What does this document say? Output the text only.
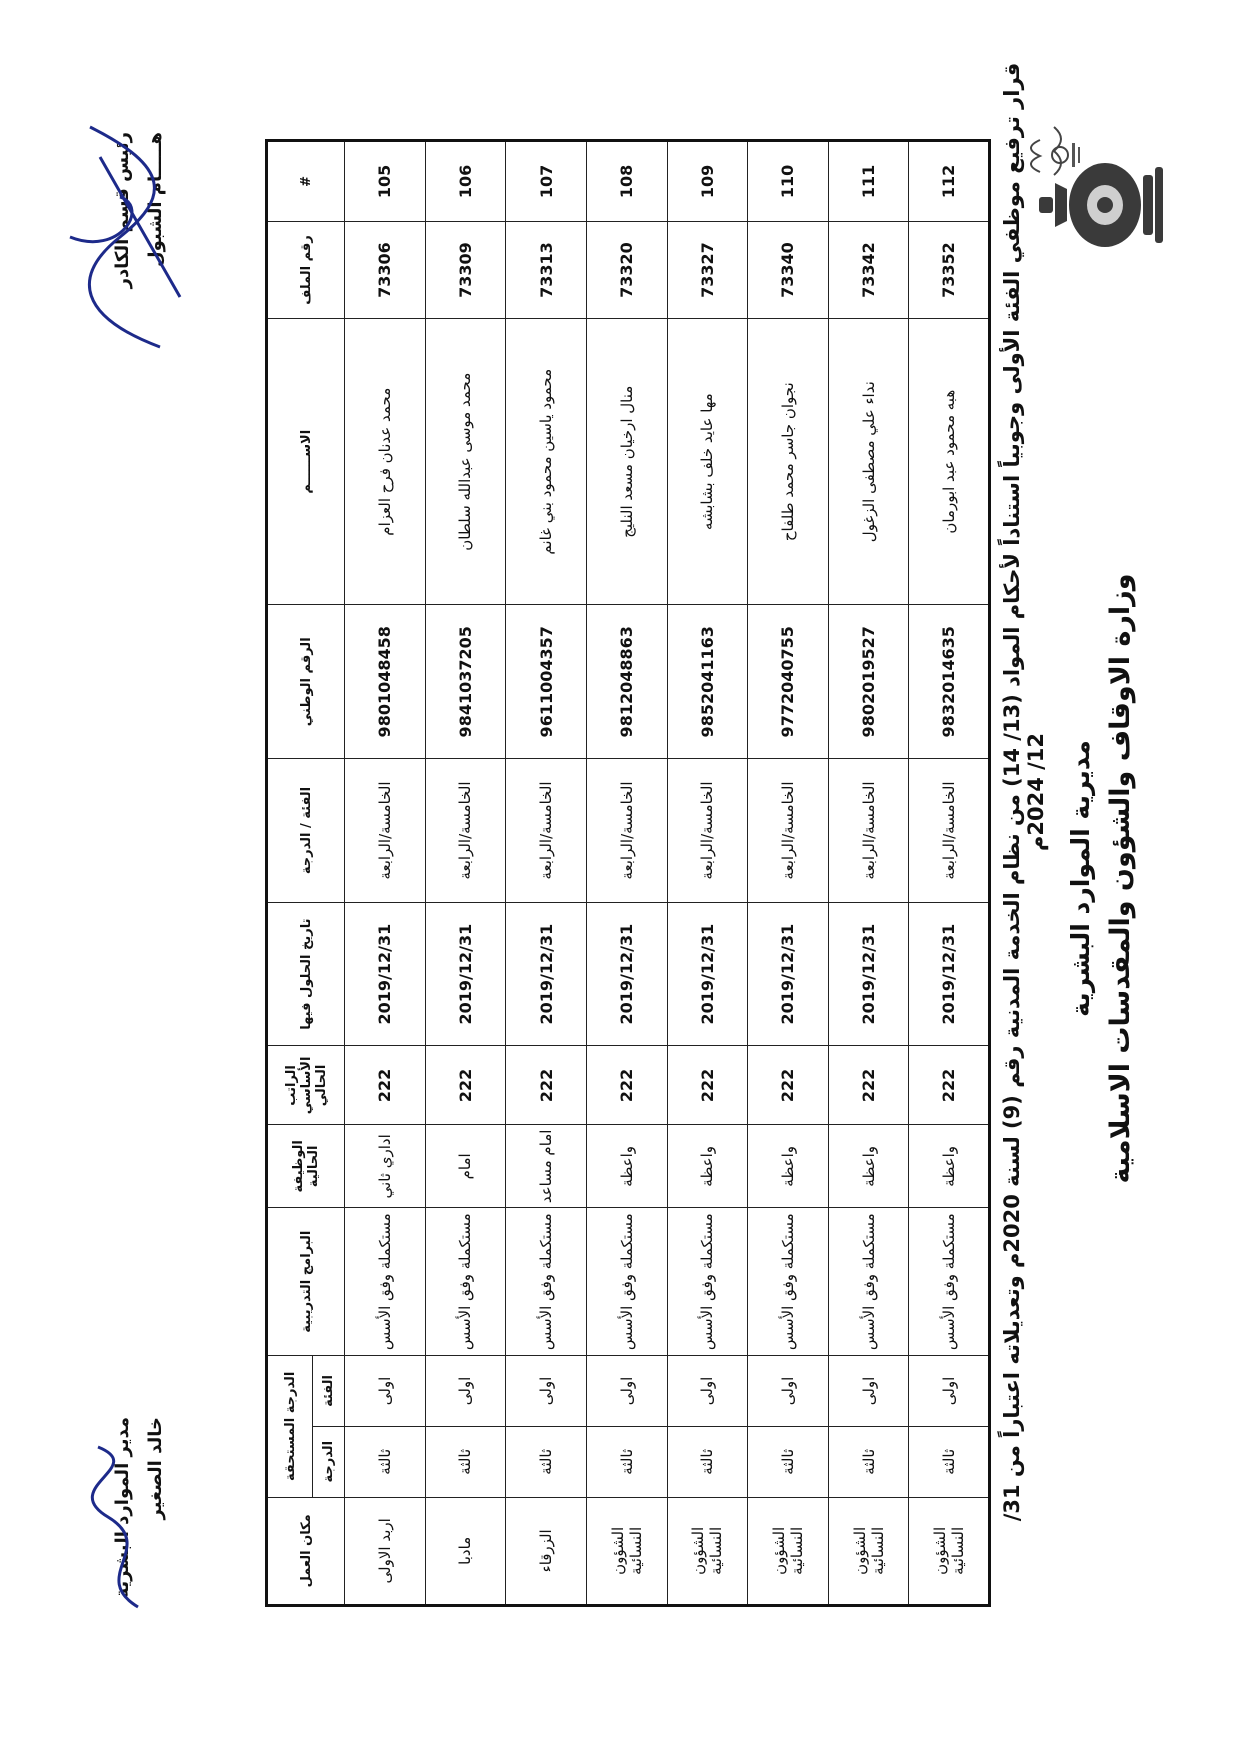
وزارة الاوقاف والشؤون والمقدسات الاسلامية
مديرية الموارد البشرية
قرار ترفيع موظفي الفئة الأولى وجوبياً استناداً لأحكام المواد (13/ 14) من نظام الخدمة المدنية رقم (9) لسنة 2020م وتعديلاته اعتباراً من 31/ 12/ 2024م
#	رقم الملف	الاســــــم	الرقم الوطني	الفئة / الدرجة	تاريخ الحلول فيها	الراتب الأساسي الحالي	الوظيفة الحالية	البرامج التدريبية	الدرجة المستحقة		مكان العمل
									الفئة	الدرجة	
105	73306	محمد عدنان فرح العزام	9801048458	الخامسة/الرابعة	2019/12/31	222	اداري ثاني	مستكملة وفق الأسس	اولى	ثالثة	اربد الاولى
106	73309	محمد موسى عبدالله سلطان	9841037205	الخامسة/الرابعة	2019/12/31	222	امام	مستكملة وفق الأسس	اولى	ثالثة	مادبا
107	73313	محمود ياسين محمود بني غانم	9611004357	الخامسة/الرابعة	2019/12/31	222	امام مساعد	مستكملة وفق الأسس	اولى	ثالثة	الزرقاء
108	73320	منال ارخيان مسعد النليج	9812048863	الخامسة/الرابعة	2019/12/31	222	واعظة	مستكملة وفق الأسس	اولى	ثالثة	الشؤون النسائية
109	73327	مها عايد خلف بشابشه	9852041163	الخامسة/الرابعة	2019/12/31	222	واعظة	مستكملة وفق الأسس	اولى	ثالثة	الشؤون النسائية
110	73340	نجوان جاسر محمد طلفاح	9772040755	الخامسة/الرابعة	2019/12/31	222	واعظة	مستكملة وفق الأسس	اولى	ثالثة	الشؤون النسائية
111	73342	نداء علي مصطفى الزغول	9802019527	الخامسة/الرابعة	2019/12/31	222	واعظة	مستكملة وفق الأسس	اولى	ثالثة	الشؤون النسائية
112	73352	هبه محمود عبد ابورمان	9832014635	الخامسة/الرابعة	2019/12/31	222	واعظة	مستكملة وفق الأسس	اولى	ثالثة	الشؤون النسائية
رئيس قسم الكادر هـــــام الشبول
مدير الموارد البشرية خالد الصغير
